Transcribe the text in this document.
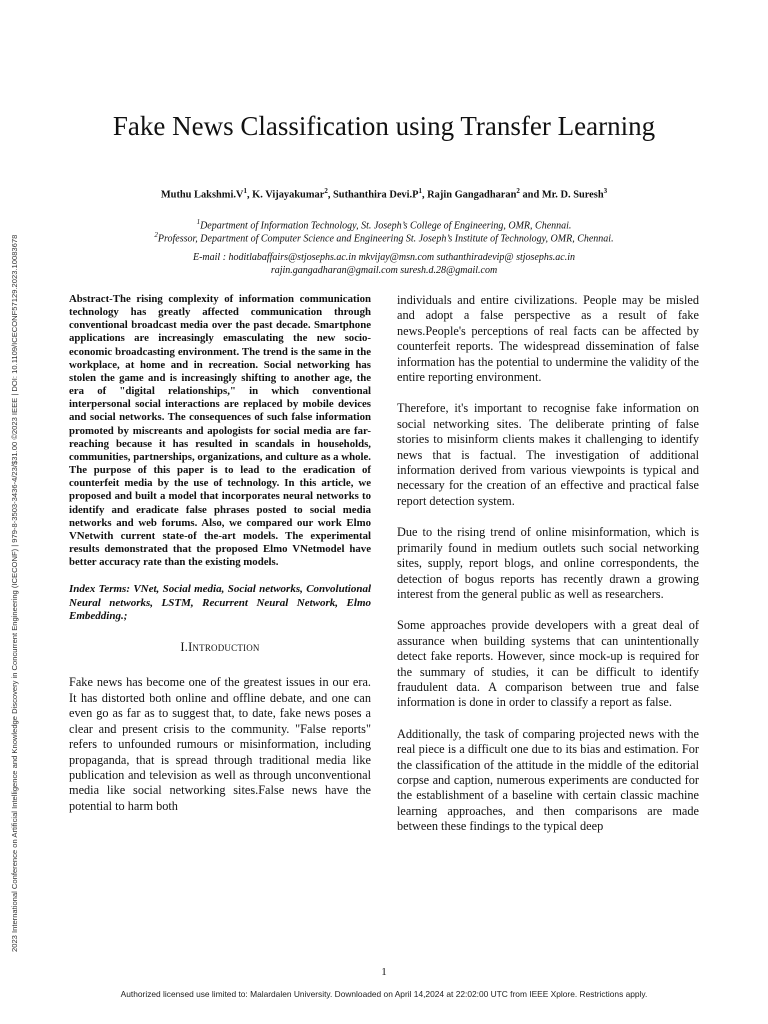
2023 International Conference on Artificial Intelligence and Knowledge Discovery in Concurrent Engineering (ICECONF) | 979-8-3503-3436-4/23/$31.00 ©2023 IEEE | DOI: 10.1109/ICECONF57129.2023.10083678
Fake News Classification using Transfer Learning
Muthu $Lakshmi.V^1$, K. Vijayakumar$^2$, Suthanthira $Devi.P^1$, Rajin Gangadharan$^2$ and Mr. D. Suresh$^3$
$^1$Department of Information Technology, St. Joseph’s College of Engineering, OMR, Chennai.
$^2$Professor, Department of Computer Science and Engineering St. Joseph’s Institute of Technology, OMR, Chennai.
E-mail : hoditlabaffairs@stjosephs.ac.in mkvijay@msn.com suthanthiradevip@ stjosephs.ac.in
rajin.gangadharan@gmail.com suresh.d.28@gmail.com

Abstract-The rising complexity of information communication technology has greatly affected communication through conventional broadcast media over the past decade. Smartphone applications are increasingly emasculating the new socio-economic broadcasting environment. The trend is the same in the workplace, at home and in recreation. Social networking has stolen the game and is increasingly shifting to another age, the era of "digital relationships," in which conventional interpersonal social interactions are replaced by mobile devices and social networks. The consequences of such false information promoted by miscreants and apologists for social media are far-reaching because it has resulted in scandals in households, communities, partnerships, organizations, and culture as a whole. The purpose of this paper is to lead to the eradication of counterfeit media by the use of technology. In this article, we proposed and built a model that incorporates neural networks to identify and eradicate false phrases posted to social media networks and web forums. Also, we compared our work Elmo VNetwith current state-of the-art models. The experimental results demonstrated that the proposed Elmo VNetmodel have better accuracy rate than the existing models.

Index Terms: VNet, Social media, Social networks, Convolutional Neural networks, LSTM, Recurrent Neural Network, Elmo Embedding.;

I.Introduction

Fake news has become one of the greatest issues in our era. It has distorted both online and offline debate, and one can even go as far as to suggest that, to date, fake news poses a clear and present crisis to the community. "False reports" refers to unfounded rumours or misinformation, including propaganda, that is spread through traditional media like publication and television as well as through unconventional media like social networking sites.False news have the potential to harm both

individuals and entire civilizations. People may be misled and adopt a false perspective as a result of fake news.People's perceptions of real facts can be affected by counterfeit reports. The widespread dissemination of false information has the potential to undermine the validity of the entire reporting environment.

Therefore, it's important to recognise fake information on social networking sites. The deliberate printing of false stories to misinform clients makes it challenging to identify news that is factual. The investigation of additional information derived from various viewpoints is typical and necessary for the creation of an effective and practical false report detection system.

Due to the rising trend of online misinformation, which is primarily found in medium outlets such social networking sites, supply, report blogs, and online correspondents, the detection of bogus reports has recently drawn a growing interest from the general public as well as researchers.

Some approaches provide developers with a great deal of assurance when building systems that can unintentionally detect fake reports. However, since mock-up is required for the summary of studies, it can be difficult to identify fraudulent data. A comparison between true and false information is done in order to classify a report as false.

Additionally, the task of comparing projected news with the real piece is a difficult one due to its bias and estimation. For the classification of the attitude in the middle of the editorial corpse and caption, numerous experiments are conducted for the establishment of a baseline with certain classic machine learning approaches, and then comparisons are made between these findings to the typical deep

1
Authorized licensed use limited to: Malardalen University. Downloaded on April 14,2024 at 22:02:00 UTC from IEEE Xplore. Restrictions apply.
